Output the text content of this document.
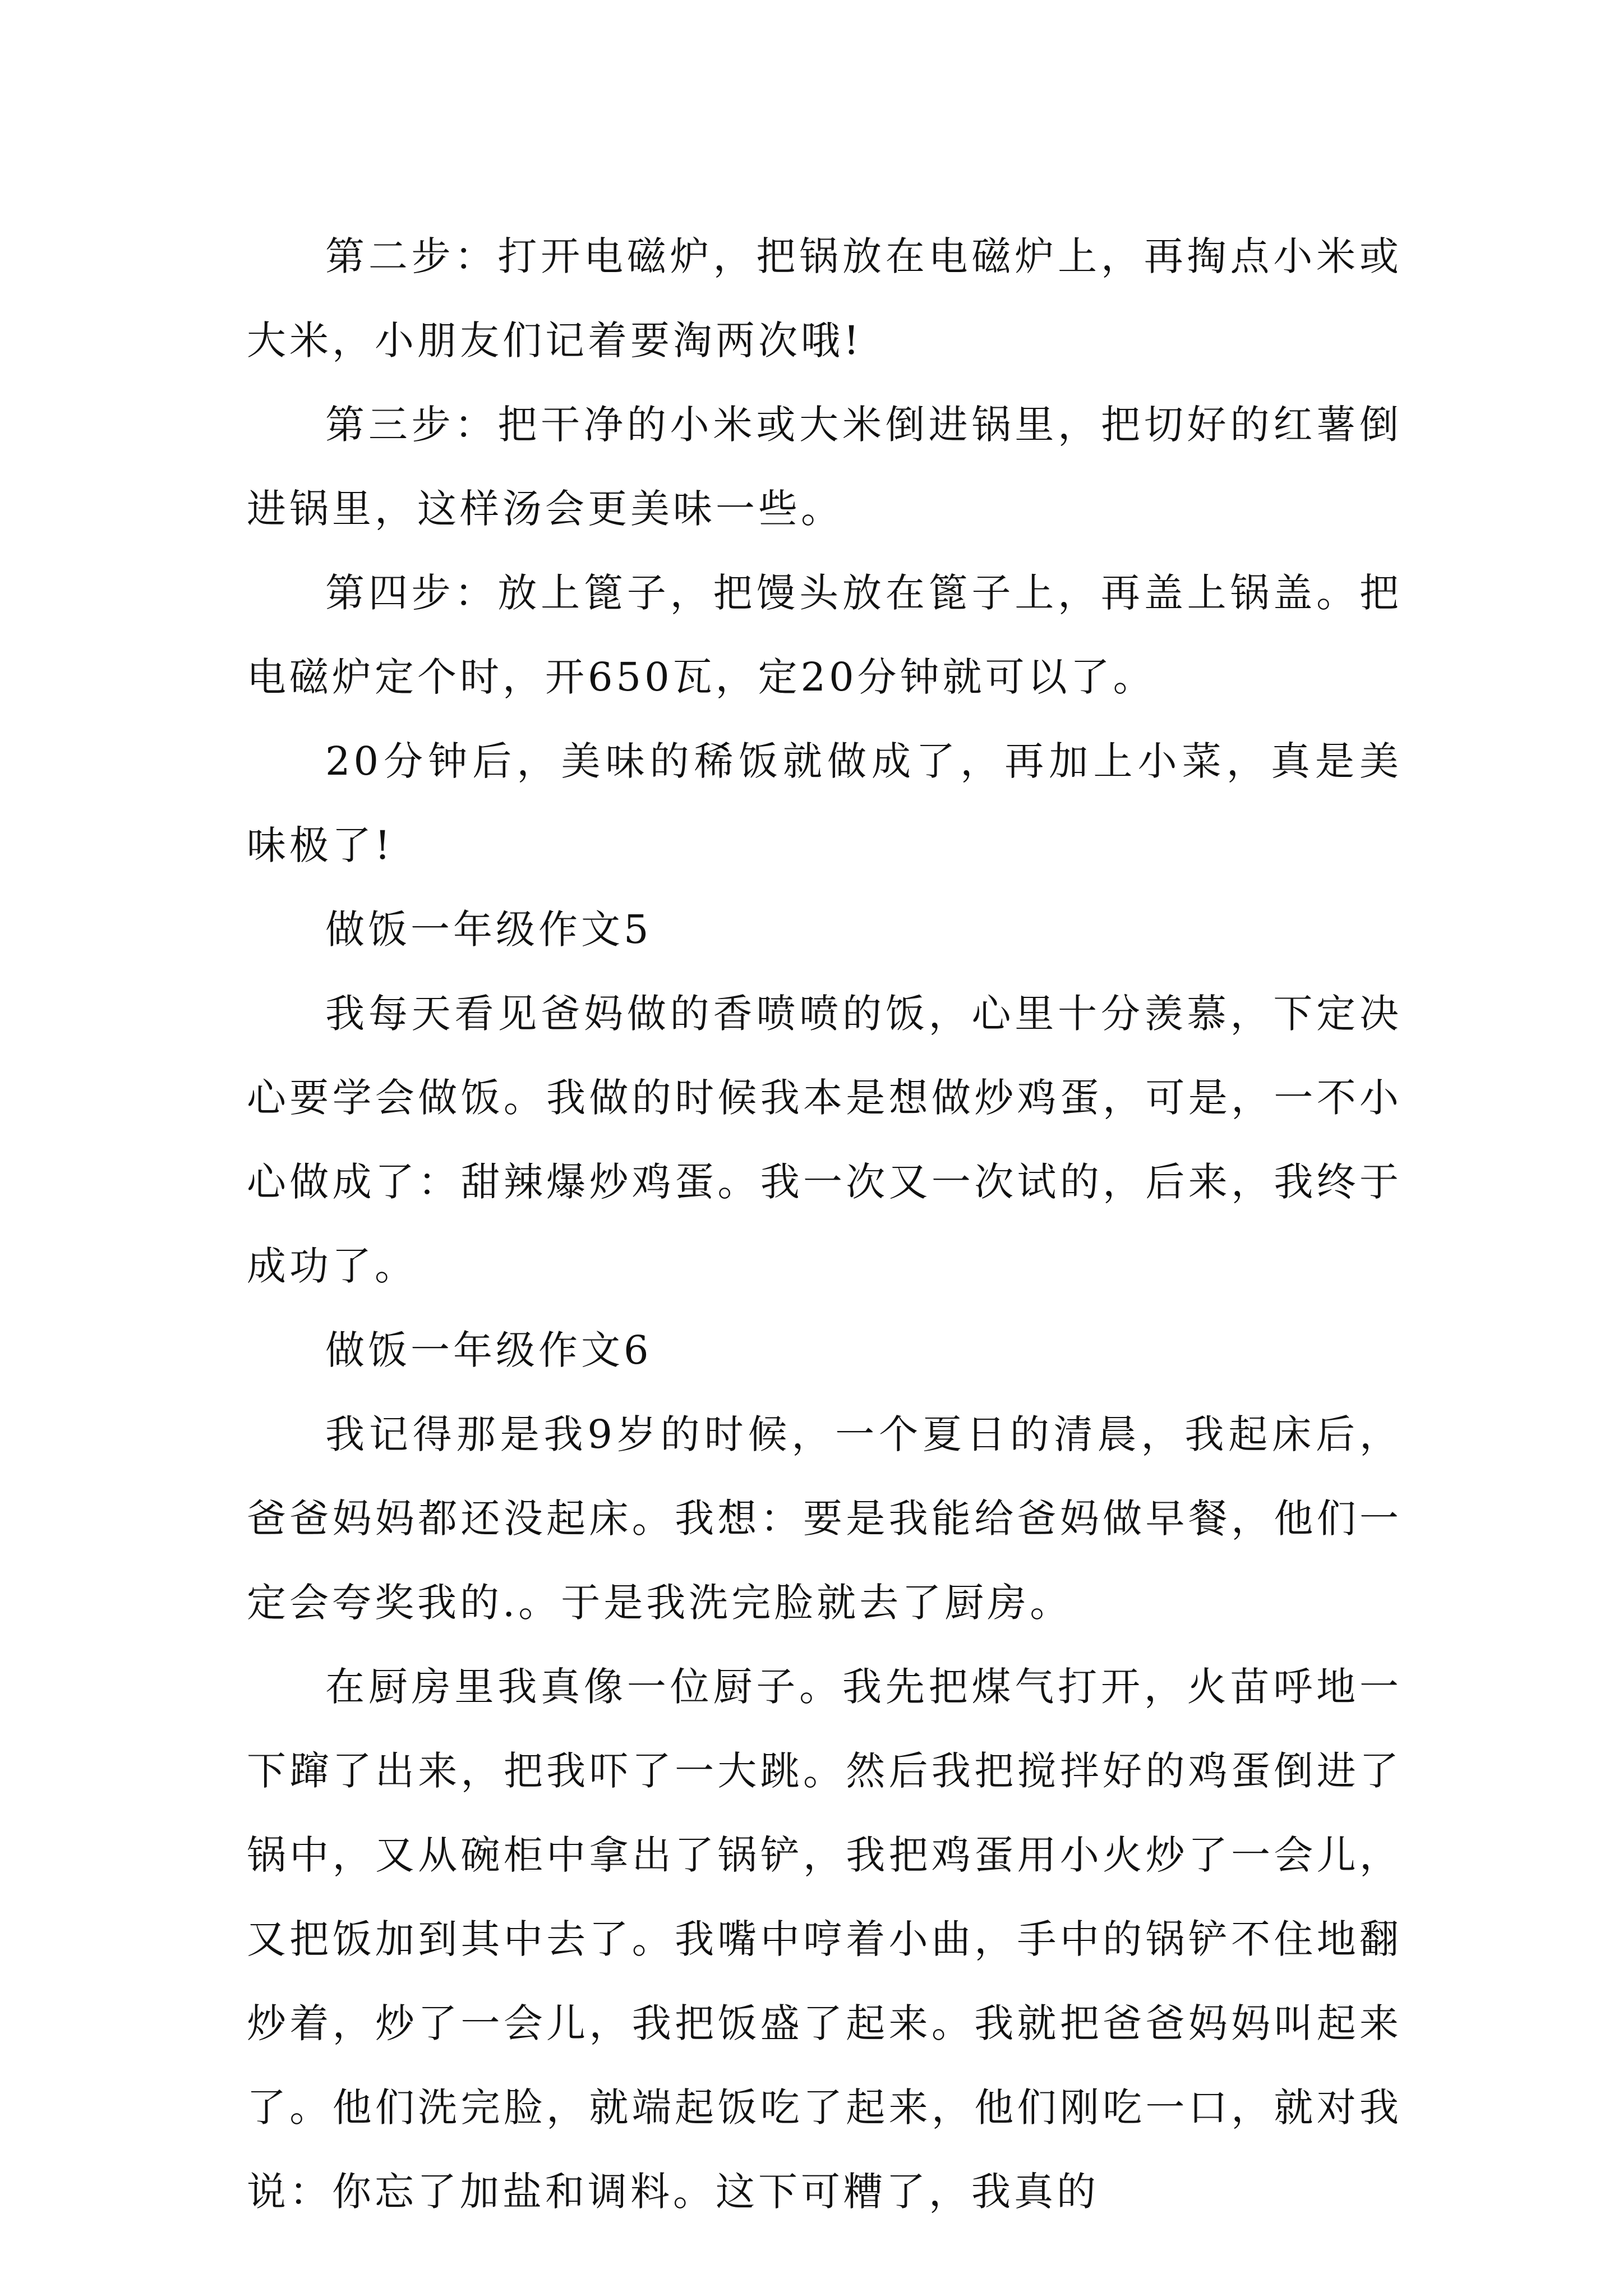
第二步：打开电磁炉，把锅放在电磁炉上，再掏点小米或大米，小朋友们记着要淘两次哦!

第三步：把干净的小米或大米倒进锅里，把切好的红薯倒进锅里，这样汤会更美味一些。

第四步：放上篦子，把馒头放在篦子上，再盖上锅盖。把电磁炉定个时，开650瓦，定20分钟就可以了。

20分钟后，美味的稀饭就做成了，再加上小菜，真是美味极了!

做饭一年级作文5

我每天看见爸妈做的香喷喷的饭，心里十分羡慕，下定决心要学会做饭。我做的时候我本是想做炒鸡蛋，可是，一不小心做成了：甜辣爆炒鸡蛋。我一次又一次试的，后来，我终于成功了。

做饭一年级作文6

我记得那是我9岁的时候，一个夏日的清晨，我起床后，爸爸妈妈都还没起床。我想：要是我能给爸妈做早餐，他们一定会夸奖我的.。于是我洗完脸就去了厨房。

在厨房里我真像一位厨子。我先把煤气打开，火苗呼地一下蹿了出来，把我吓了一大跳。然后我把搅拌好的鸡蛋倒进了锅中，又从碗柜中拿出了锅铲，我把鸡蛋用小火炒了一会儿，又把饭加到其中去了。我嘴中哼着小曲，手中的锅铲不住地翻炒着，炒了一会儿，我把饭盛了起来。我就把爸爸妈妈叫起来了。他们洗完脸，就端起饭吃了起来，他们刚吃一口，就对我说：你忘了加盐和调料。这下可糟了，我真的
